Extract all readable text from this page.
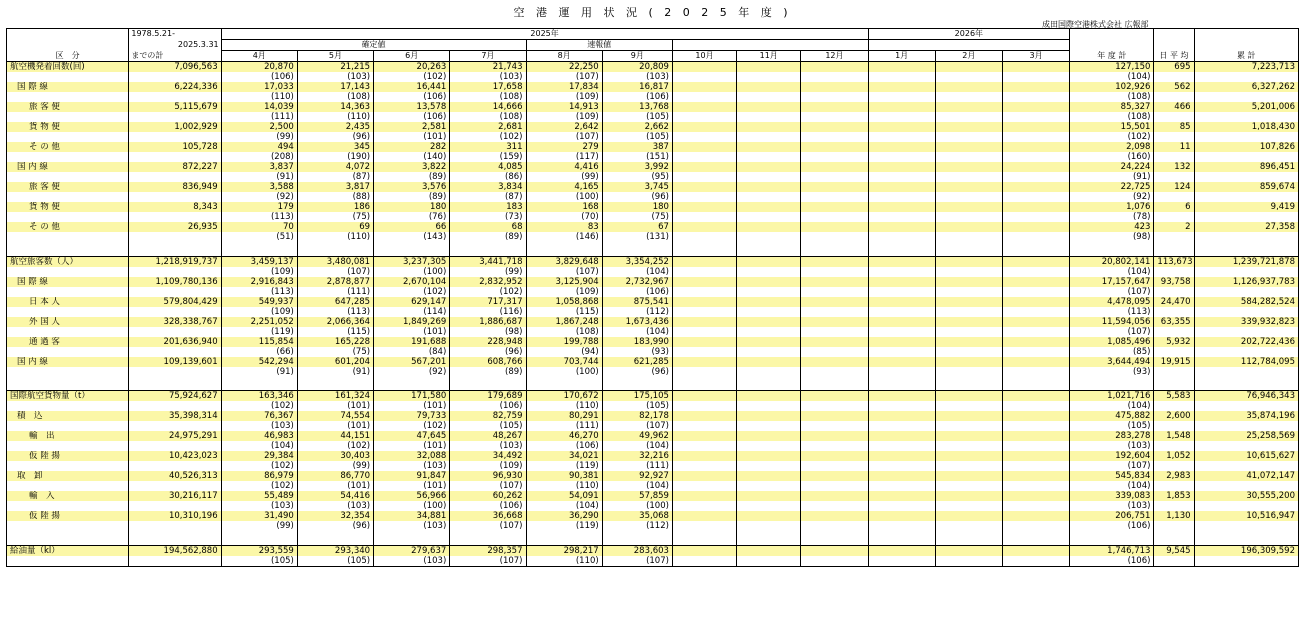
空 港 運 用 状 況 ( 2 0 2 5 年 度 )
成田国際空港株式会社 広報部
区　分	1978.5.21-	2025年									2026年			年 度 計	日 平 均	累 計
	2025.3.31	確定値				速報値										
	までの計	4月	5月	6月	7月	8月	9月	10月	11月	12月	1月	2月	3月			
航空機発着回数(回)	7,096,563	20,870	21,215	20,263	21,743	22,250	20,809							127,150	695	7,223,713
		(106)	(103)	(102)	(103)	(107)	(103)							(104)		
国 際 線	6,224,336	17,033	17,143	16,441	17,658	17,834	16,817							102,926	562	6,327,262
		(110)	(108)	(106)	(108)	(109)	(106)							(108)		
旅 客 便	5,115,679	14,039	14,363	13,578	14,666	14,913	13,768							85,327	466	5,201,006
		(111)	(110)	(106)	(108)	(109)	(105)							(108)		
貨 物 便	1,002,929	2,500	2,435	2,581	2,681	2,642	2,662							15,501	85	1,018,430
		(99)	(96)	(101)	(102)	(107)	(105)							(102)		
そ の 他	105,728	494	345	282	311	279	387							2,098	11	107,826
		(208)	(190)	(140)	(159)	(117)	(151)							(160)		
国 内 線	872,227	3,837	4,072	3,822	4,085	4,416	3,992							24,224	132	896,451
		(91)	(87)	(89)	(86)	(99)	(95)							(91)		
旅 客 便	836,949	3,588	3,817	3,576	3,834	4,165	3,745							22,725	124	859,674
		(92)	(88)	(89)	(87)	(100)	(96)							(92)		
貨 物 便	8,343	179	186	180	183	168	180							1,076	6	9,419
		(113)	(75)	(76)	(73)	(70)	(75)							(78)		
そ の 他	26,935	70	69	66	68	83	67							423	2	27,358
		(51)	(110)	(143)	(89)	(146)	(131)							(98)		

航空旅客数（人）	1,218,919,737	3,459,137	3,480,081	3,237,305	3,441,718	3,829,648	3,354,252							20,802,141	113,673	1,239,721,878
		(109)	(107)	(100)	(99)	(107)	(104)							(104)		
国 際 線	1,109,780,136	2,916,843	2,878,877	2,670,104	2,832,952	3,125,904	2,732,967							17,157,647	93,758	1,126,937,783
		(113)	(111)	(102)	(102)	(109)	(106)							(107)		
日 本 人	579,804,429	549,937	647,285	629,147	717,317	1,058,868	875,541							4,478,095	24,470	584,282,524
		(109)	(113)	(114)	(116)	(115)	(112)							(113)		
外 国 人	328,338,767	2,251,052	2,066,364	1,849,269	1,886,687	1,867,248	1,673,436							11,594,056	63,355	339,932,823
		(119)	(115)	(101)	(98)	(108)	(104)							(107)		
通 過 客	201,636,940	115,854	165,228	191,688	228,948	199,788	183,990							1,085,496	5,932	202,722,436
		(66)	(75)	(84)	(96)	(94)	(93)							(85)		
国 内 線	109,139,601	542,294	601,204	567,201	608,766	703,744	621,285							3,644,494	19,915	112,784,095
		(91)	(91)	(92)	(89)	(100)	(96)							(93)		

国際航空貨物量（t）	75,924,627	163,346	161,324	171,580	179,689	170,672	175,105							1,021,716	5,583	76,946,343
		(102)	(101)	(101)	(106)	(110)	(105)							(104)		
積　込	35,398,314	76,367	74,554	79,733	82,759	80,291	82,178							475,882	2,600	35,874,196
		(103)	(101)	(102)	(105)	(111)	(107)							(105)		
輸　出	24,975,291	46,983	44,151	47,645	48,267	46,270	49,962							283,278	1,548	25,258,569
		(104)	(102)	(101)	(103)	(106)	(104)							(103)		
仮 陸 揚	10,423,023	29,384	30,403	32,088	34,492	34,021	32,216							192,604	1,052	10,615,627
		(102)	(99)	(103)	(109)	(119)	(111)							(107)		
取　卸	40,526,313	86,979	86,770	91,847	96,930	90,381	92,927							545,834	2,983	41,072,147
		(102)	(101)	(101)	(107)	(110)	(104)							(104)		
輸　入	30,216,117	55,489	54,416	56,966	60,262	54,091	57,859							339,083	1,853	30,555,200
		(103)	(103)	(100)	(106)	(104)	(100)							(103)		
仮 陸 揚	10,310,196	31,490	32,354	34,881	36,668	36,290	35,068							206,751	1,130	10,516,947
		(99)	(96)	(103)	(107)	(119)	(112)							(106)		

給油量（kl）	194,562,880	293,559	293,340	279,637	298,357	298,217	283,603							1,746,713	9,545	196,309,592
		(105)	(105)	(103)	(107)	(110)	(107)							(106)		
